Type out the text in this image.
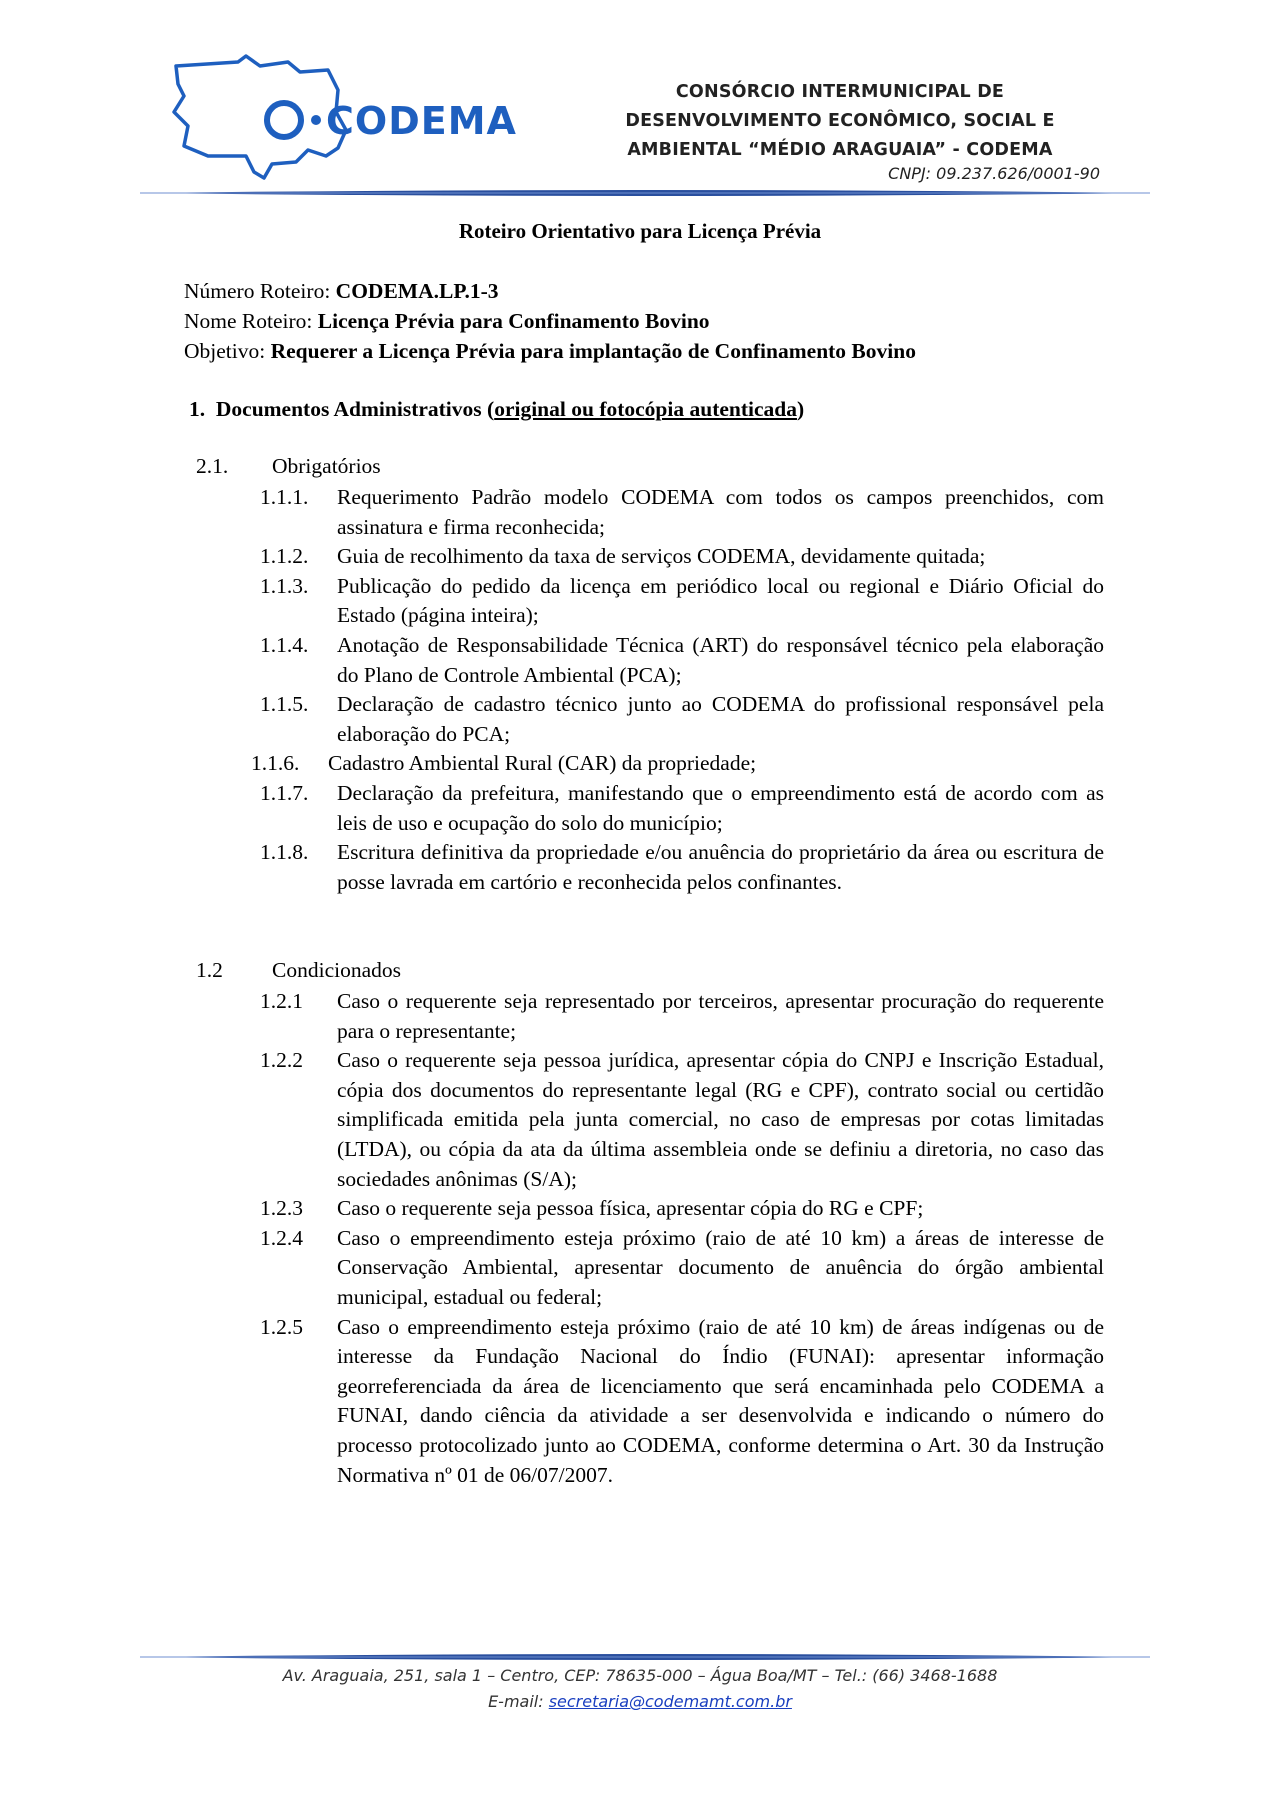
CODEMA
CONSÓRCIO INTERMUNICIPAL DE
DESENVOLVIMENTO ECONÔMICO, SOCIAL E
AMBIENTAL “MÉDIO ARAGUAIA” - CODEMA
CNPJ: 09.237.626/0001-90
Roteiro Orientativo para Licença Prévia
Número Roteiro: CODEMA.LP.1-3
Nome Roteiro: Licença Prévia para Confinamento Bovino
Objetivo: Requerer a Licença Prévia para implantação de Confinamento Bovino
1. Documentos Administrativos (original ou fotocópia autenticada)
2.1. Obrigatórios
1.1.1. Requerimento Padrão modelo CODEMA com todos os campos preenchidos, com assinatura e firma reconhecida;
1.1.2. Guia de recolhimento da taxa de serviços CODEMA, devidamente quitada;
1.1.3. Publicação do pedido da licença em periódico local ou regional e Diário Oficial do Estado (página inteira);
1.1.4. Anotação de Responsabilidade Técnica (ART) do responsável técnico pela elaboração do Plano de Controle Ambiental (PCA);
1.1.5. Declaração de cadastro técnico junto ao CODEMA do profissional responsável pela elaboração do PCA;
1.1.6. Cadastro Ambiental Rural (CAR) da propriedade;
1.1.7. Declaração da prefeitura, manifestando que o empreendimento está de acordo com as leis de uso e ocupação do solo do município;
1.1.8. Escritura definitiva da propriedade e/ou anuência do proprietário da área ou escritura de posse lavrada em cartório e reconhecida pelos confinantes.
1.2 Condicionados
1.2.1 Caso o requerente seja representado por terceiros, apresentar procuração do requerente para o representante;
1.2.2 Caso o requerente seja pessoa jurídica, apresentar cópia do CNPJ e Inscrição Estadual, cópia dos documentos do representante legal (RG e CPF), contrato social ou certidão simplificada emitida pela junta comercial, no caso de empresas por cotas limitadas (LTDA), ou cópia da ata da última assembleia onde se definiu a diretoria, no caso das sociedades anônimas (S/A);
1.2.3 Caso o requerente seja pessoa física, apresentar cópia do RG e CPF;
1.2.4 Caso o empreendimento esteja próximo (raio de até 10 km) a áreas de interesse de Conservação Ambiental, apresentar documento de anuência do órgão ambiental municipal, estadual ou federal;
1.2.5 Caso o empreendimento esteja próximo (raio de até 10 km) de áreas indígenas ou de interesse da Fundação Nacional do Índio (FUNAI): apresentar informação georreferenciada da área de licenciamento que será encaminhada pelo CODEMA a FUNAI, dando ciência da atividade a ser desenvolvida e indicando o número do processo protocolizado junto ao CODEMA, conforme determina o Art. 30 da Instrução Normativa nº 01 de 06/07/2007.
Av. Araguaia, 251, sala 1 – Centro, CEP: 78635-000 – Água Boa/MT – Tel.: (66) 3468-1688
E-mail: secretaria@codemamt.com.br
